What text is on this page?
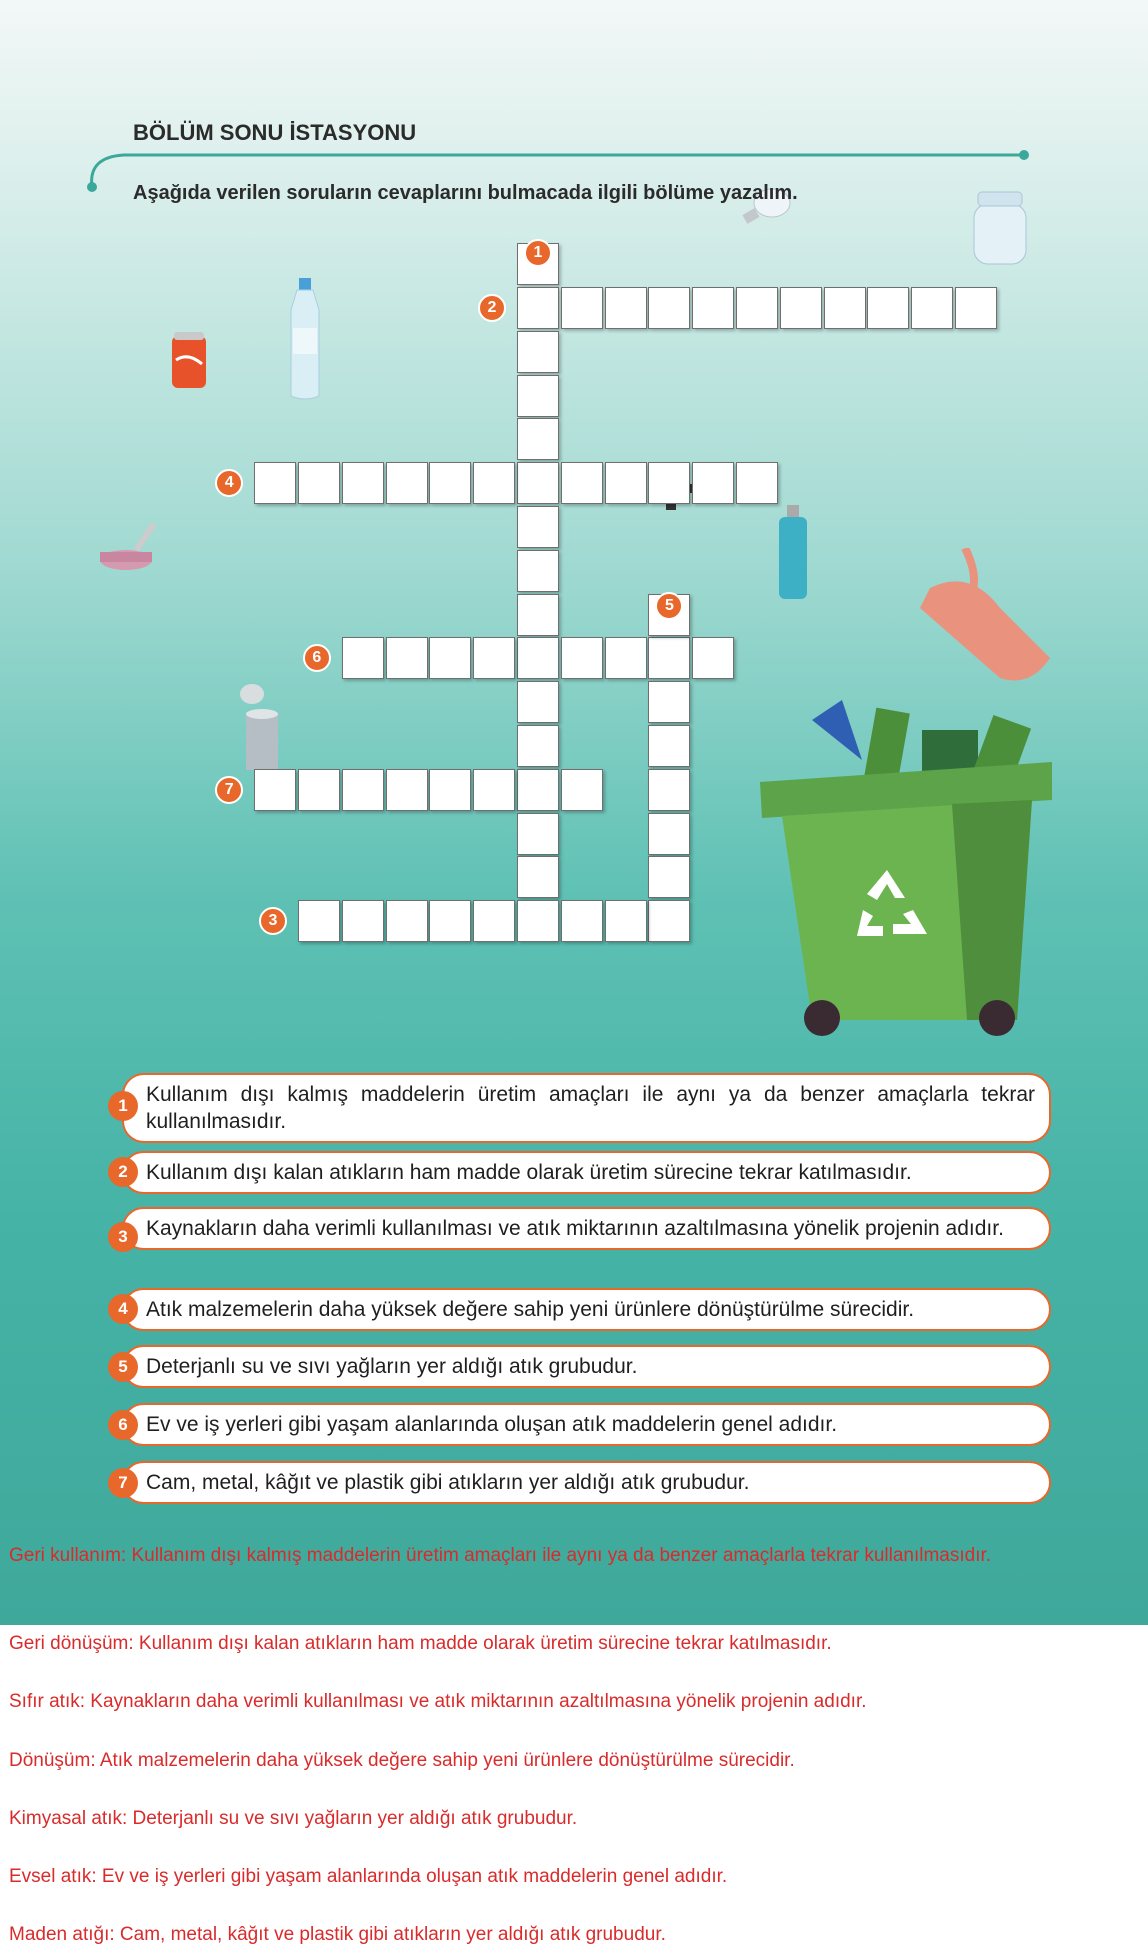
BÖLÜM SONU İSTASYONU
Aşağıda verilen soruların cevaplarını bulmacada ilgili bölüme yazalım.
1
2
3
4
5
6
7
1 Kullanım dışı kalmış maddelerin üretim amaçları ile aynı ya da benzer amaçlarla tekrar kullanılmasıdır.
2 Kullanım dışı kalan atıkların ham madde olarak üretim sürecine tekrar katılmasıdır.
3 Kaynakların daha verimli kullanılması ve atık miktarının azaltılmasına yönelik projenin adıdır.
4 Atık malzemelerin daha yüksek değere sahip yeni ürünlere dönüştürülme sürecidir.
5 Deterjanlı su ve sıvı yağların yer aldığı atık grubudur.
6 Ev ve iş yerleri gibi yaşam alanlarında oluşan atık maddelerin genel adıdır.
7 Cam, metal, kâğıt ve plastik gibi atıkların yer aldığı atık grubudur.
Geri kullanım: Kullanım dışı kalmış maddelerin üretim amaçları ile aynı ya da benzer amaçlarla tekrar kullanılmasıdır.
Geri dönüşüm: Kullanım dışı kalan atıkların ham madde olarak üretim sürecine tekrar katılmasıdır.
Sıfır atık: Kaynakların daha verimli kullanılması ve atık miktarının azaltılmasına yönelik projenin adıdır.
Dönüşüm: Atık malzemelerin daha yüksek değere sahip yeni ürünlere dönüştürülme sürecidir.
Kimyasal atık: Deterjanlı su ve sıvı yağların yer aldığı atık grubudur.
Evsel atık: Ev ve iş yerleri gibi yaşam alanlarında oluşan atık maddelerin genel adıdır.
Maden atığı: Cam, metal, kâğıt ve plastik gibi atıkların yer aldığı atık grubudur.
